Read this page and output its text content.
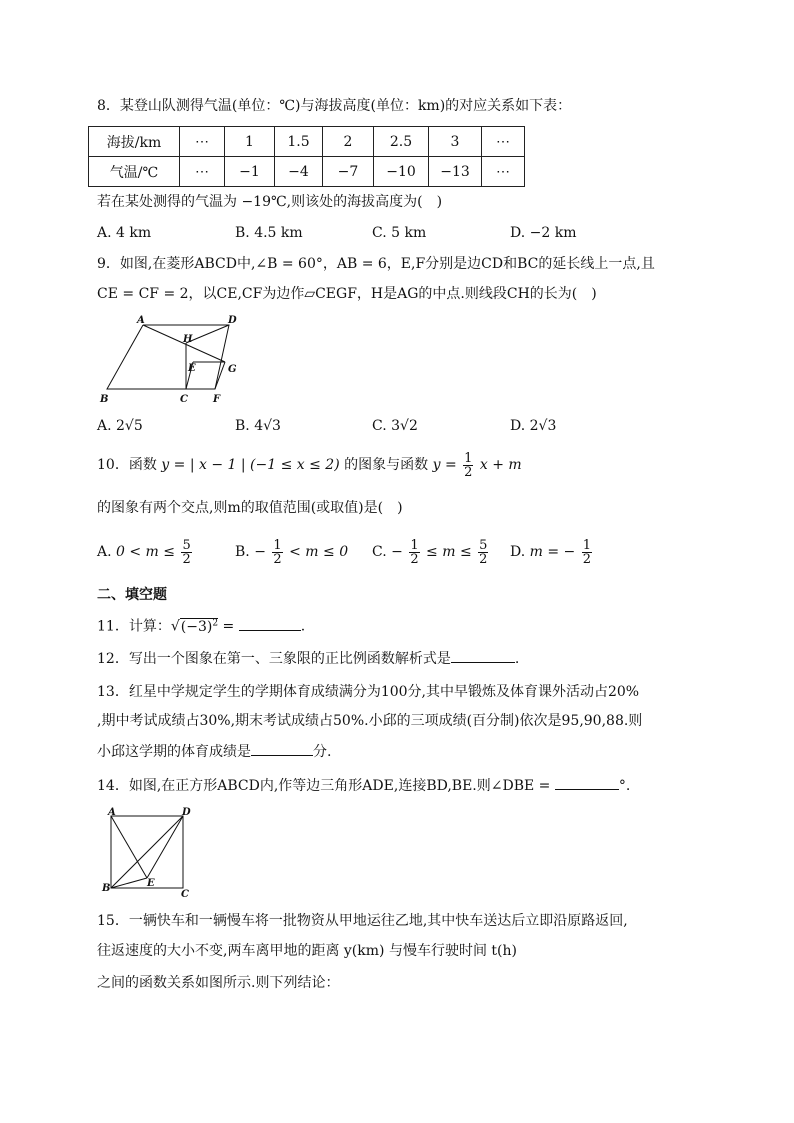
8．某登山队测得气温(单位：℃)与海拔高度(单位：km)的对应关系如下表：
海拔/km	⋯	1	1.5	2	2.5	3	⋯
气温/℃	⋯	−1	−4	−7	−10	−13	⋯
若在某处测得的气温为 −19℃,则该处的海拔高度为(　)
A. 4 km	B. 4.5 km	C. 5 km	D. −2 km
9．如图,在菱形ABCD中,∠B = 60°，AB = 6，E,F分别是边CD和BC的延长线上一点,且
CE = CF = 2，以CE,CF为边作▱CEGF，H是AG的中点.则线段CH的长为(　)
A	D
H
E	G
B	C	F
A. 2√5	B. 4√3	C. 3√2	D. 2√3
10．函数 y = | x − 1 | (−1 ≤ x ≤ 2) 的图象与函数 $y = \frac{1}{2}$ x + m
的图象有两个交点,则m的取值范围(或取值)是(　)
A. $0 < m \le \frac{5}{2}$	B. − $\frac{1}{2} < m \le 0$ C. − $\frac{1}{2} \le m \le \frac{5}{2} D$. m = − $\frac{1}{2}$
二、填空题
11．计算：$√(-3)^2$ =	.
12．写出一个图象在第一、三象限的正比例函数解析式是	.
13．红星中学规定学生的学期体育成绩满分为100分,其中早锻炼及体育课外活动占20%
,期中考试成绩占30%,期末考试成绩占50%.小邱的三项成绩(百分制)依次是95,90,88.则
小邱这学期的体育成绩是	分.
14．如图,在正方形ABCD内,作等边三角形ADE,连接BD,BE.则∠DBE =	°.
A	D
E
B
C
15．一辆快车和一辆慢车将一批物资从甲地运往乙地,其中快车送达后立即沿原路返回,
往返速度的大小不变,两车离甲地的距离 y(km) 与慢车行驶时间 t(h)
之间的函数关系如图所示.则下列结论：
